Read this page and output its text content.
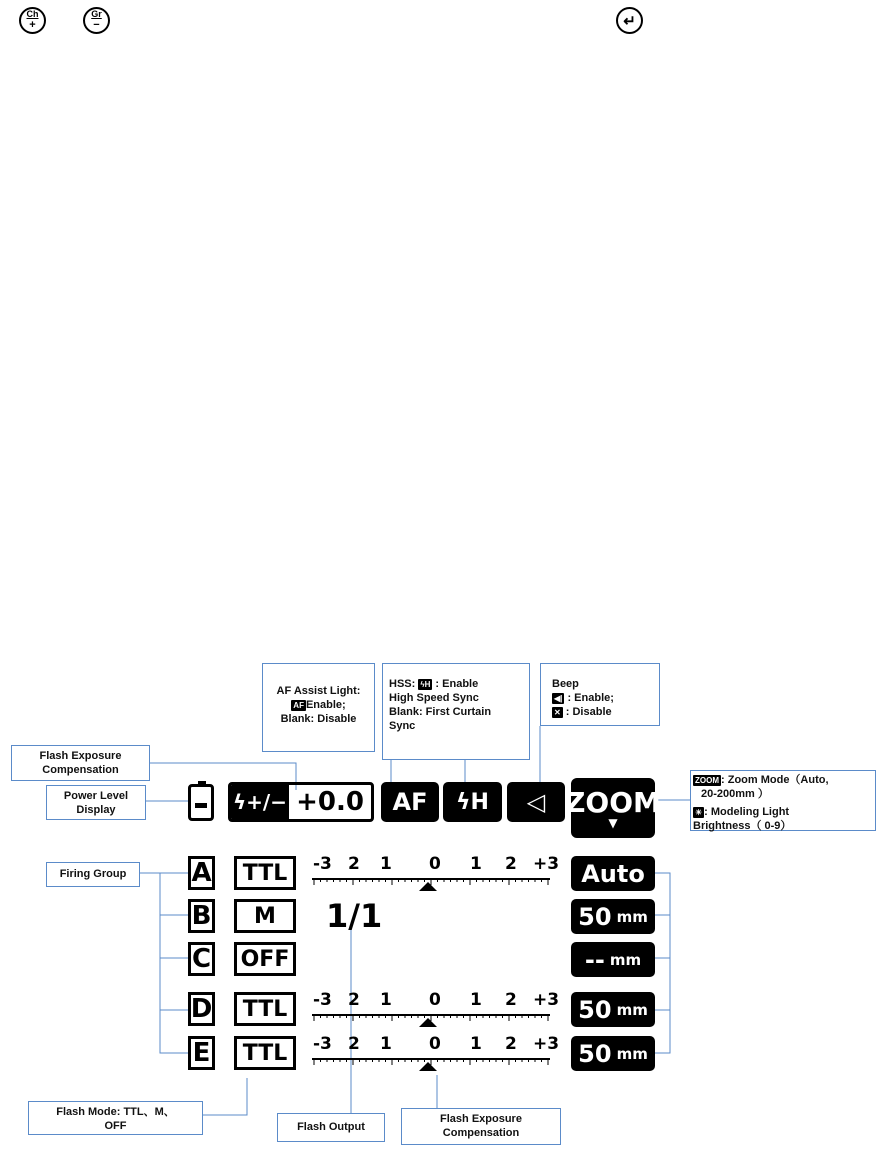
Ch
+
Gr
−	↵
AF Assist Light:
AF Enable;
Blank: Disable
HSS: ϟH : Enable
High Speed Sync
Blank: First Curtain
Sync
Beep
◀| : Enable;
✕ : Disable
Flash Exposure
Compensation
Power Level
Display
ZOOM : Zoom Mode（Auto,
20-200mm ）
☀ : Modeling Light
Brightness（ 0-9）
Firing Group
Flash Mode: TTL、M、
OFF	Flash Output
Flash Exposure
Compensation
ϟ+/− +0.0	AF	ϟH	◁ ZOOM
▼
A	TTL	Auto
-3 2 1 0 1 2 +3
B	M	50 mm
1/1
C	OFF	-- mm
D	TTL	50 mm
-3 2 1 0 1 2 +3
E	TTL	50 mm
-3 2 1 0 1 2 +3
